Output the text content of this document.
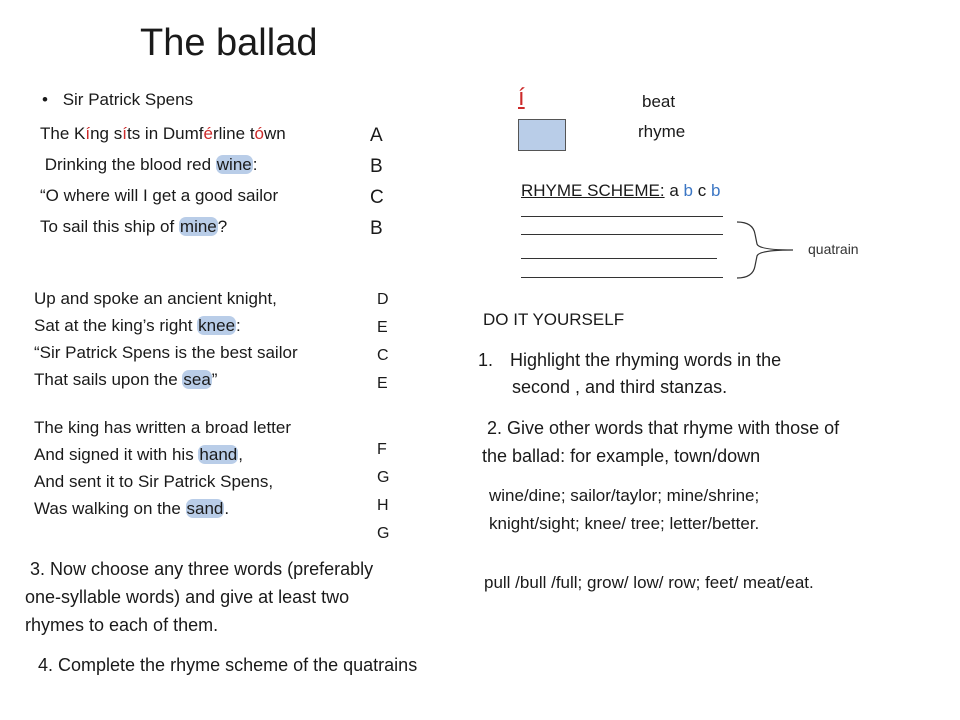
The ballad
• Sir Patrick Spens
The Kíng síts in Dumférline tówn
Drinking the blood red wine:
“O where will I get a good sailor
To sail this ship of mine?
A
B
C
B
Up and spoke an ancient knight,
Sat at the king’s right knee:
“Sir Patrick Spens is the best sailor
That sails upon the sea”
D
E
C
E
The king has written a broad letter
And signed it with his hand,
And sent it to Sir Patrick Spens,
Was walking on the sand.
F
G
H
G
í	beat
rhyme
RHYME SCHEME: a b c b
quatrain
DO IT YOURSELF
1. Highlight the rhyming words in the
second , and third stanzas.
2. Give other words that rhyme with those of
the ballad: for example, town/down
wine/dine; sailor/taylor; mine/shrine;
knight/sight; knee/ tree; letter/better.
pull /bull /full; grow/ low/ row; feet/ meat/eat.
3. Now choose any three words (preferably
one-syllable words) and give at least two
rhymes to each of them.
4. Complete the rhyme scheme of the quatrains
